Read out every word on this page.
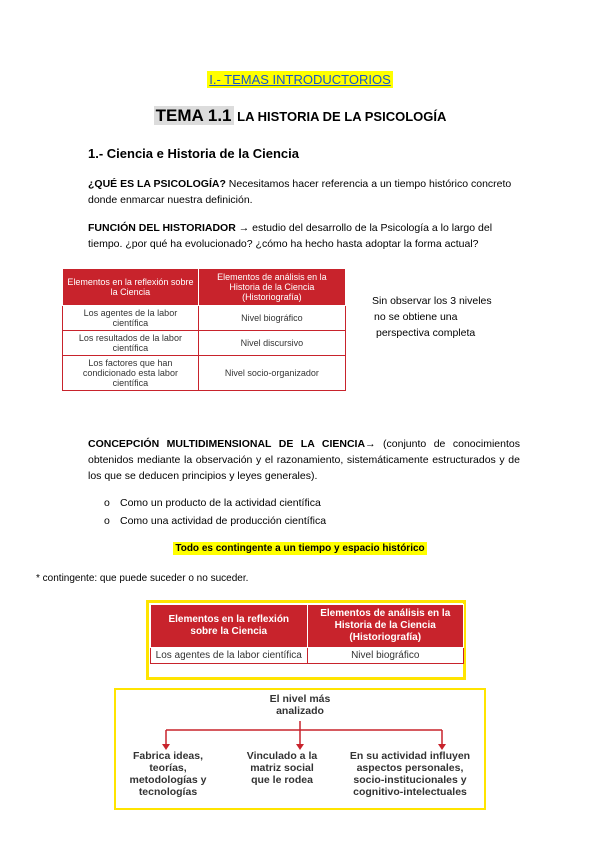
I.- TEMAS INTRODUCTORIOS
TEMA 1.1 LA HISTORIA DE LA PSICOLOGÍA
1.- Ciencia e Historia de la Ciencia
¿QUÉ ES LA PSICOLOGÍA? Necesitamos hacer referencia a un tiempo histórico concreto donde enmarcar nuestra definición.
FUNCIÓN DEL HISTORIADOR → estudio del desarrollo de la Psicología a lo largo del tiempo. ¿por qué ha evolucionado? ¿cómo ha hecho hasta adoptar la forma actual?
Elementos en la reflexión sobre la Ciencia	Elementos de análisis en la Historia de la Ciencia (Historiografía)
Los agentes de la labor científica	Nivel biográfico
Los resultados de la labor científica	Nivel discursivo
Los factores que han condicionado esta labor científica	Nivel socio-organizador
Sin observar los 3 niveles
no se obtiene una
perspectiva completa
CONCEPCIÓN MULTIDIMENSIONAL DE LA CIENCIA→ (conjunto de conocimientos obtenidos mediante la observación y el razonamiento, sistemáticamente estructurados y de los que se deducen principios y leyes generales).
o Como un producto de la actividad científica
o Como una actividad de producción científica
Todo es contingente a un tiempo y espacio histórico
* contingente: que puede suceder o no suceder.
Elementos en la reflexión sobre la Ciencia	Elementos de análisis en la Historia de la Ciencia (Historiografía)
Los agentes de la labor científica	Nivel biográfico
El nivel más
analizado
Fabrica ideas,
teorías,
metodologías y
tecnologías
Vinculado a la
matriz social
que le rodea
En su actividad influyen
aspectos personales,
socio-institucionales y
cognitivo-intelectuales
